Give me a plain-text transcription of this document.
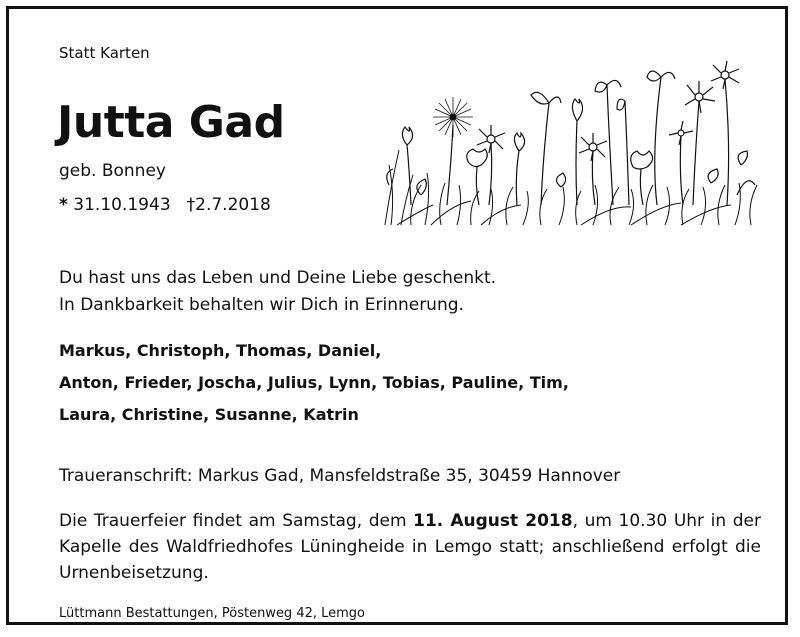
Statt Karten
Jutta Gad
geb. Bonney
* 31.10.1943 †2.7.2018
Du hast uns das Leben und Deine Liebe geschenkt.
In Dankbarkeit behalten wir Dich in Erinnerung.
Markus, Christoph, Thomas, Daniel,
Anton, Frieder, Joscha, Julius, Lynn, Tobias, Pauline, Tim,
Laura, Christine, Susanne, Katrin
Traueranschrift: Markus Gad, Mansfeldstraße 35, 30459 Hannover
Die Trauerfeier findet am Samstag, dem 11. August 2018, um 10.30 Uhr in der Kapelle des Waldfriedhofes Lüningheide in Lemgo statt; anschließend erfolgt die Urnenbeisetzung.
Lüttmann Bestattungen, Pöstenweg 42, Lemgo
